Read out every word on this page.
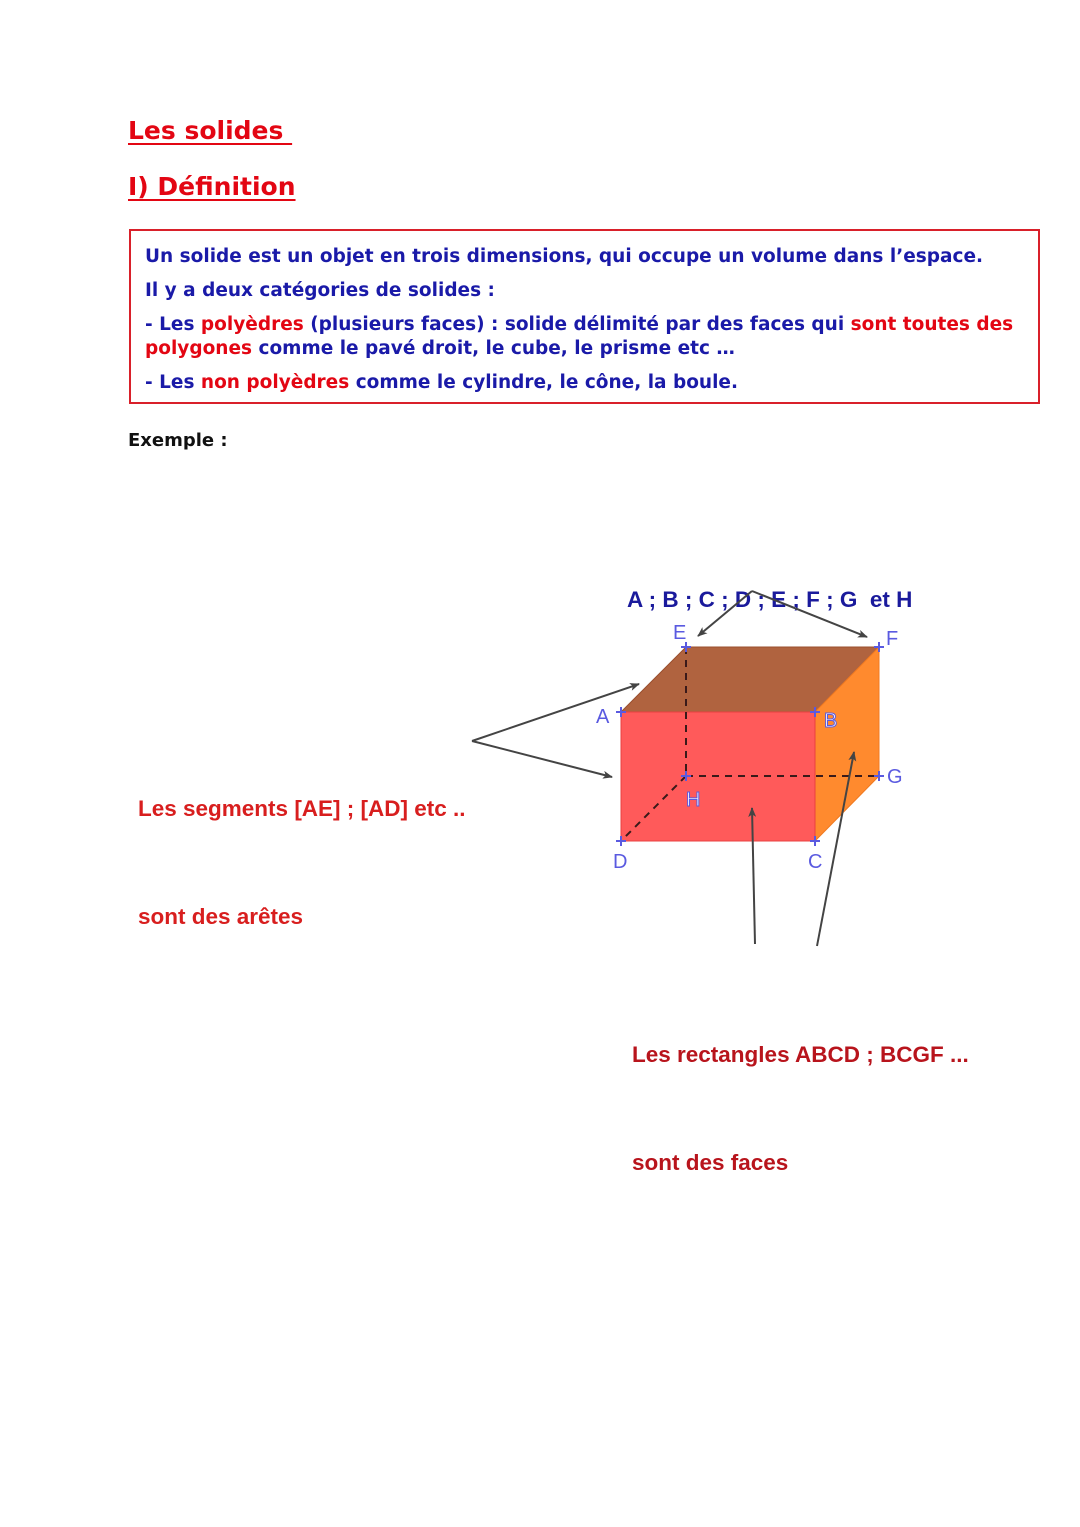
Les solides
I) Définition

Un solide est un objet en trois dimensions, qui occupe un volume dans l’espace.

Il y a deux catégories de solides :

- Les polyèdres (plusieurs faces) : solide délimité par des faces qui sont toutes des polygones comme le pavé droit, le cube, le prisme etc …

- Les non polyèdres comme le cylindre, le cône, la boule.

Exemple :

A ; B ; C ; D ; E ; F ; G  et H

Les segments [AE] ; [AD] etc ..

sont des arêtes

Les rectangles ABCD ; BCGF ...

sont des faces

A	B
C
D
E	F
G
H
